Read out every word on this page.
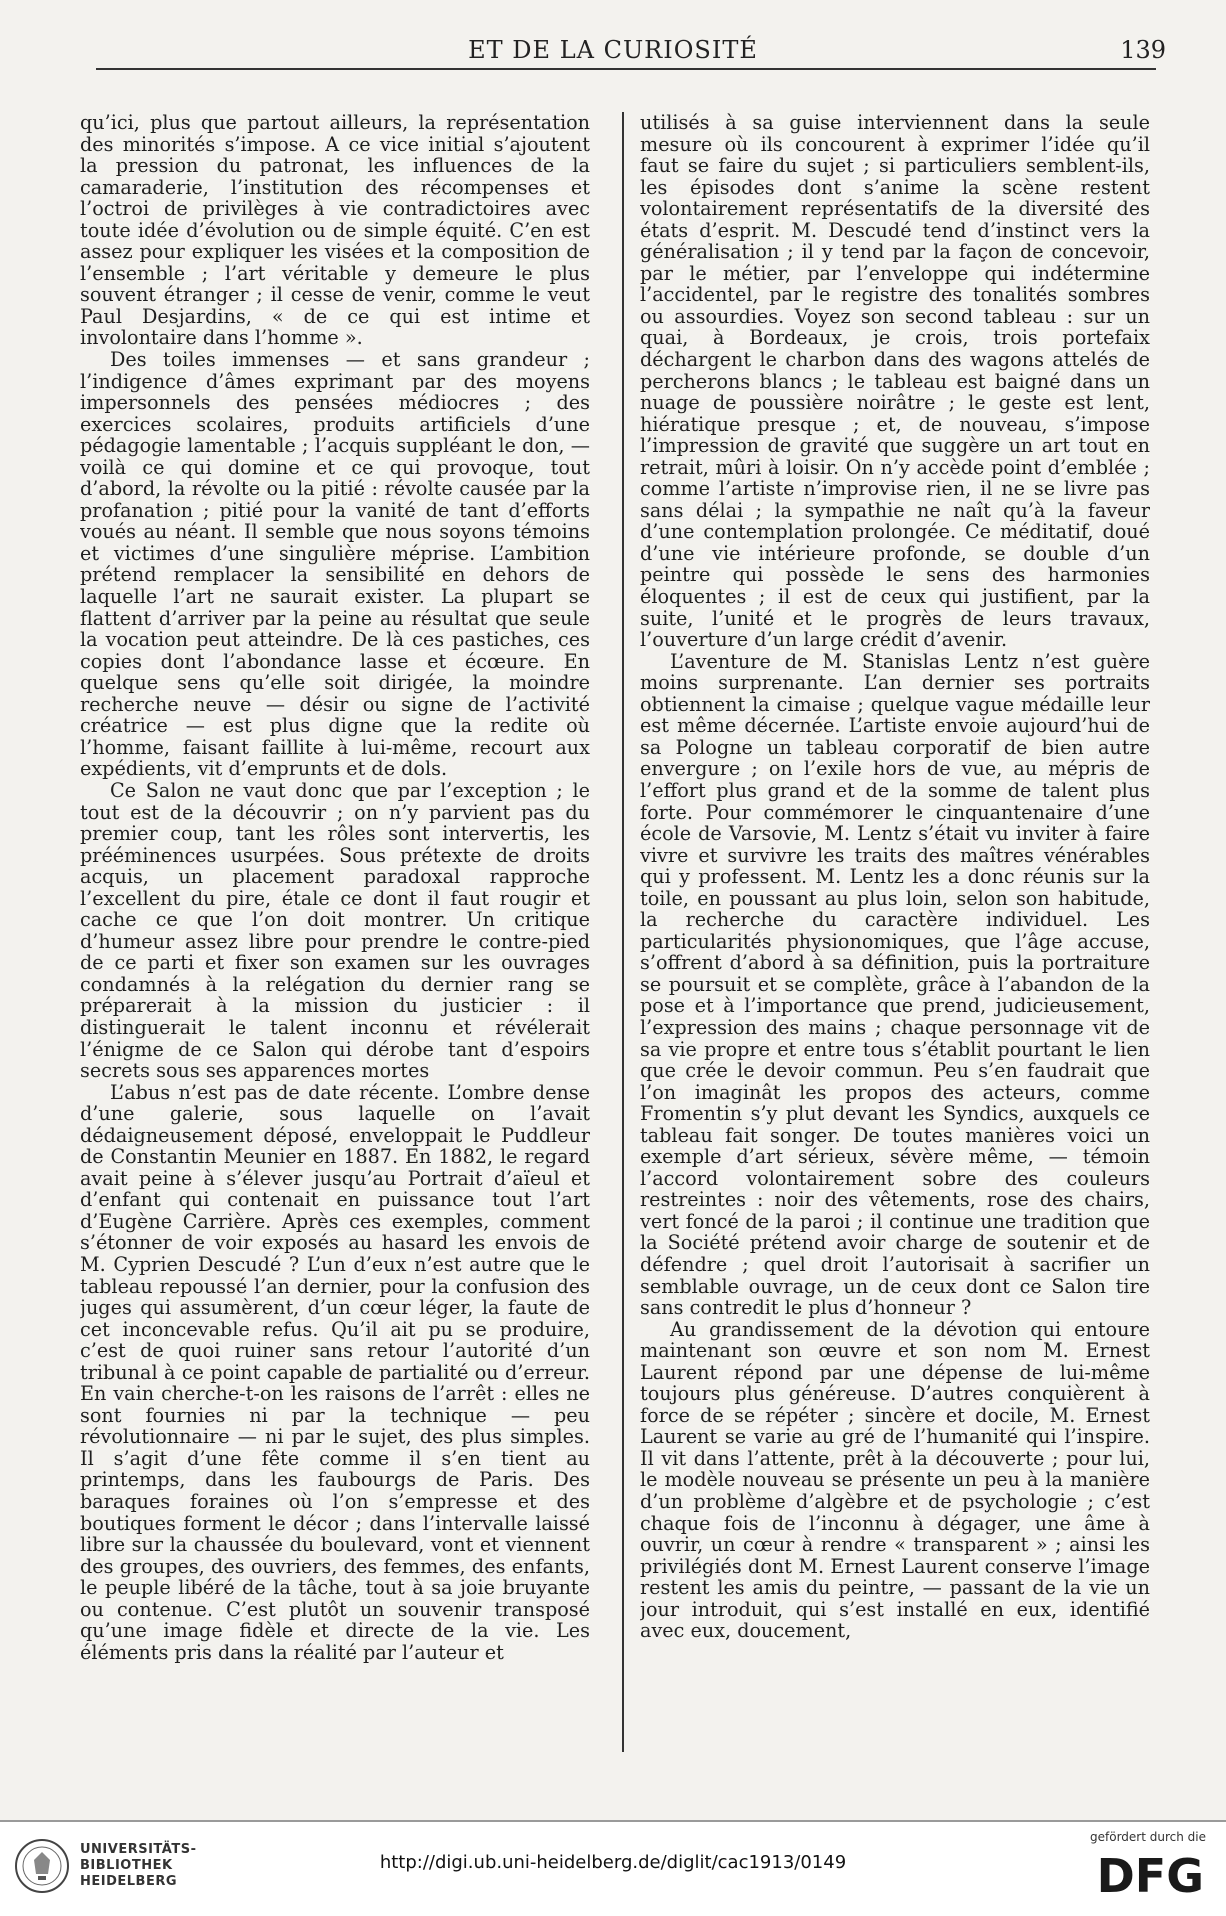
ET DE LA CURIOSITÉ	139

qu’ici, plus que partout ailleurs, la représentation des minorités s’impose. A ce vice initial s’ajoutent la pression du patronat, les influences de la camaraderie, l’institution des récompenses et l’octroi de privilèges à vie contradictoires avec toute idée d’évolution ou de simple équité. C’en est assez pour expliquer les visées et la composition de l’ensemble ; l’art véritable y demeure le plus souvent étranger ; il cesse de venir, comme le veut Paul Desjardins, « de ce qui est intime et involontaire dans l’homme ».

Des toiles immenses — et sans grandeur ; l’indigence d’âmes exprimant par des moyens impersonnels des pensées médiocres ; des exercices scolaires, produits artificiels d’une pédagogie lamentable ; l’acquis suppléant le don, — voilà ce qui domine et ce qui provoque, tout d’abord, la révolte ou la pitié : révolte causée par la profanation ; pitié pour la vanité de tant d’efforts voués au néant. Il semble que nous soyons témoins et victimes d’une singulière méprise. L’ambition prétend remplacer la sensibilité en dehors de laquelle l’art ne saurait exister. La plupart se flattent d’arriver par la peine au résultat que seule la vocation peut atteindre. De là ces pastiches, ces copies dont l’abondance lasse et écœure. En quelque sens qu’elle soit dirigée, la moindre recherche neuve — désir ou signe de l’activité créatrice — est plus digne que la redite où l’homme, faisant faillite à lui-même, recourt aux expédients, vit d’emprunts et de dols.

Ce Salon ne vaut donc que par l’exception ; le tout est de la découvrir ; on n’y parvient pas du premier coup, tant les rôles sont intervertis, les prééminences usurpées. Sous prétexte de droits acquis, un placement paradoxal rapproche l’excellent du pire, étale ce dont il faut rougir et cache ce que l’on doit montrer. Un critique d’humeur assez libre pour prendre le contre-pied de ce parti et fixer son examen sur les ouvrages condamnés à la relégation du dernier rang se préparerait à la mission du justicier : il distinguerait le talent inconnu et révélerait l’énigme de ce Salon qui dérobe tant d’espoirs secrets sous ses apparences mortes

L’abus n’est pas de date récente. L’ombre dense d’une galerie, sous laquelle on l’avait dédaigneusement déposé, enveloppait le Puddleur de Constantin Meunier en 1887. En 1882, le regard avait peine à s’élever jusqu’au Portrait d’aïeul et d’enfant qui contenait en puissance tout l’art d’Eugène Carrière. Après ces exemples, comment s’étonner de voir exposés au hasard les envois de M. Cyprien Descudé ? L’un d’eux n’est autre que le tableau repoussé l’an dernier, pour la confusion des juges qui assumèrent, d’un cœur léger, la faute de cet inconcevable refus. Qu’il ait pu se produire, c’est de quoi ruiner sans retour l’autorité d’un tribunal à ce point capable de partialité ou d’erreur. En vain cherche-t-on les raisons de l’arrêt : elles ne sont fournies ni par la technique — peu révolutionnaire — ni par le sujet, des plus simples. Il s’agit d’une fête comme il s’en tient au printemps, dans les faubourgs de Paris. Des baraques foraines où l’on s’empresse et des boutiques forment le décor ; dans l’intervalle laissé libre sur la chaussée du boulevard, vont et viennent des groupes, des ouvriers, des femmes, des enfants, le peuple libéré de la tâche, tout à sa joie bruyante ou contenue. C’est plutôt un souvenir transposé qu’une image fidèle et directe de la vie. Les éléments pris dans la réalité par l’auteur et

utilisés à sa guise interviennent dans la seule mesure où ils concourent à exprimer l’idée qu’il faut se faire du sujet ; si particuliers semblent-ils, les épisodes dont s’anime la scène restent volontairement représentatifs de la diversité des états d’esprit. M. Descudé tend d’instinct vers la généralisation ; il y tend par la façon de concevoir, par le métier, par l’enveloppe qui indétermine l’accidentel, par le registre des tonalités sombres ou assourdies. Voyez son second tableau : sur un quai, à Bordeaux, je crois, trois portefaix déchargent le charbon dans des wagons attelés de percherons blancs ; le tableau est baigné dans un nuage de poussière noirâtre ; le geste est lent, hiératique presque ; et, de nouveau, s’impose l’impression de gravité que suggère un art tout en retrait, mûri à loisir. On n’y accède point d’emblée ; comme l’artiste n’improvise rien, il ne se livre pas sans délai ; la sympathie ne naît qu’à la faveur d’une contemplation prolongée. Ce méditatif, doué d’une vie intérieure profonde, se double d’un peintre qui possède le sens des harmonies éloquentes ; il est de ceux qui justifient, par la suite, l’unité et le progrès de leurs travaux, l’ouverture d’un large crédit d’avenir.

L’aventure de M. Stanislas Lentz n’est guère moins surprenante. L’an dernier ses portraits obtiennent la cimaise ; quelque vague médaille leur est même décernée. L’artiste envoie aujourd’hui de sa Pologne un tableau corporatif de bien autre envergure ; on l’exile hors de vue, au mépris de l’effort plus grand et de la somme de talent plus forte. Pour commémorer le cinquantenaire d’une école de Varsovie, M. Lentz s’était vu inviter à faire vivre et survivre les traits des maîtres vénérables qui y professent. M. Lentz les a donc réunis sur la toile, en poussant au plus loin, selon son habitude, la recherche du caractère individuel. Les particularités physionomiques, que l’âge accuse, s’offrent d’abord à sa définition, puis la portraiture se poursuit et se complète, grâce à l’abandon de la pose et à l’importance que prend, judicieusement, l’expression des mains ; chaque personnage vit de sa vie propre et entre tous s’établit pourtant le lien que crée le devoir commun. Peu s’en faudrait que l’on imaginât les propos des acteurs, comme Fromentin s’y plut devant les Syndics, auxquels ce tableau fait songer. De toutes manières voici un exemple d’art sérieux, sévère même, — témoin l’accord volontairement sobre des couleurs restreintes : noir des vêtements, rose des chairs, vert foncé de la paroi ; il continue une tradition que la Société prétend avoir charge de soutenir et de défendre ; quel droit l’autorisait à sacrifier un semblable ouvrage, un de ceux dont ce Salon tire sans contredit le plus d’honneur ?

Au grandissement de la dévotion qui entoure maintenant son œuvre et son nom M. Ernest Laurent répond par une dépense de lui-même toujours plus généreuse. D’autres conquièrent à force de se répéter ; sincère et docile, M. Ernest Laurent se varie au gré de l’humanité qui l’inspire. Il vit dans l’attente, prêt à la découverte ; pour lui, le modèle nouveau se présente un peu à la manière d’un problème d’algèbre et de psychologie ; c’est chaque fois de l’inconnu à dégager, une âme à ouvrir, un cœur à rendre « transparent » ; ainsi les privilégiés dont M. Ernest Laurent conserve l’image restent les amis du peintre, — passant de la vie un jour introduit, qui s’est installé en eux, identifié avec eux, doucement,

UNIVERSITÄTS-
BIBLIOTHEK
HEIDELBERG
http://digi.ub.uni-heidelberg.de/diglit/cac1913/0149
gefördert durch die
DFG
